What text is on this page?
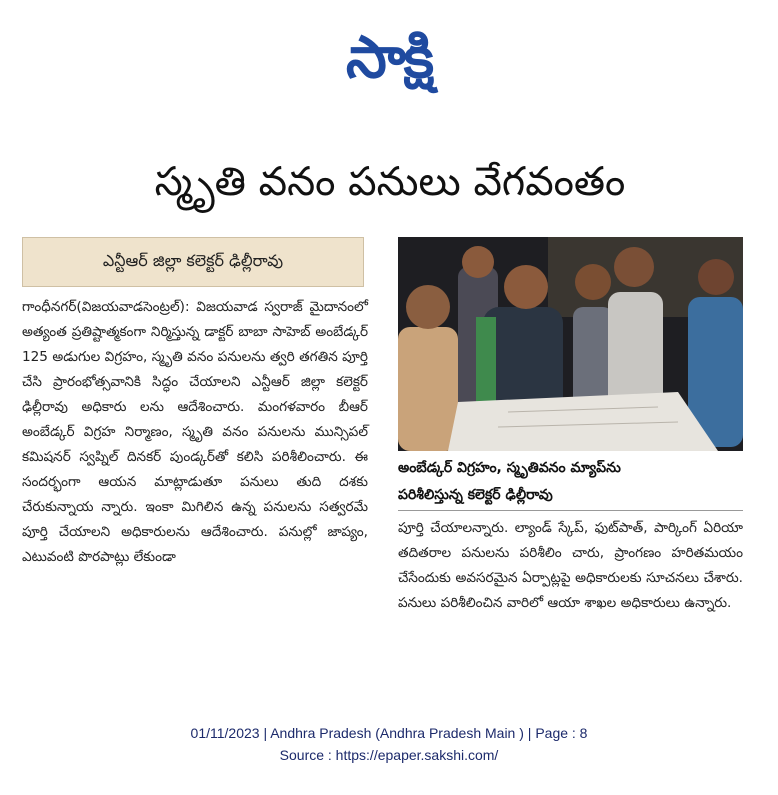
సాక్షి
స్మృతి వనం పనులు వేగవంతం
ఎన్టీఆర్ జిల్లా కలెక్టర్ ఢిల్లీరావు

గాంధీనగర్(విజయవాడసెంట్రల్): విజయవాడ స్వరాజ్ మైదానంలో అత్యంత ప్రతిష్టాత్మకంగా నిర్మిస్తున్న డాక్టర్ బాబా సాహెబ్ అంబేడ్కర్ 125 అడుగుల విగ్రహం, స్మృతి వనం పనులను త్వరి తగతిన పూర్తి చేసి ప్రారంభోత్సవానికి సిద్ధం చేయాలని ఎన్టీఆర్ జిల్లా కలెక్టర్ ఢిల్లీరావు అధికారు లను ఆదేశించారు. మంగళవారం బీఆర్ అంబేడ్కర్ విగ్రహ నిర్మాణం, స్మృతి వనం పనులను మున్సిపల్ కమిషనర్ స్వప్నిల్ దినకర్ పుండ్కర్‌తో కలిసి పరిశీలించారు. ఈ సందర్భంగా ఆయన మాట్లాడుతూ పనులు తుది దశకు చేరుకున్నాయ న్నారు. ఇంకా మిగిలిన ఉన్న పనులను సత్వరమే పూర్తి చేయాలని అధికారులను ఆదేశించారు. పనుల్లో జాప్యం, ఎటువంటి పొరపాట్లు లేకుండా

అంబేడ్కర్ విగ్రహం, స్మృతివనం మ్యాప్‌ను

పరిశీలిస్తున్న కలెక్టర్ ఢిల్లీరావు

పూర్తి చేయాలన్నారు. ల్యాండ్ స్కేప్, ఫుట్‌పాత్, పార్కింగ్ ఏరియా తదితరాల పనులను పరిశీలిం చారు, ప్రాంగణం హరితమయం చేసేందుకు అవసరమైన ఏర్పాట్లపై అధికారులకు సూచనలు చేశారు. పనులు పరిశీలించిన వారిలో ఆయా శాఖల అధికారులు ఉన్నారు.

01/11/2023 | Andhra Pradesh (Andhra Pradesh Main ) | Page : 8
Source : https://epaper.sakshi.com/
